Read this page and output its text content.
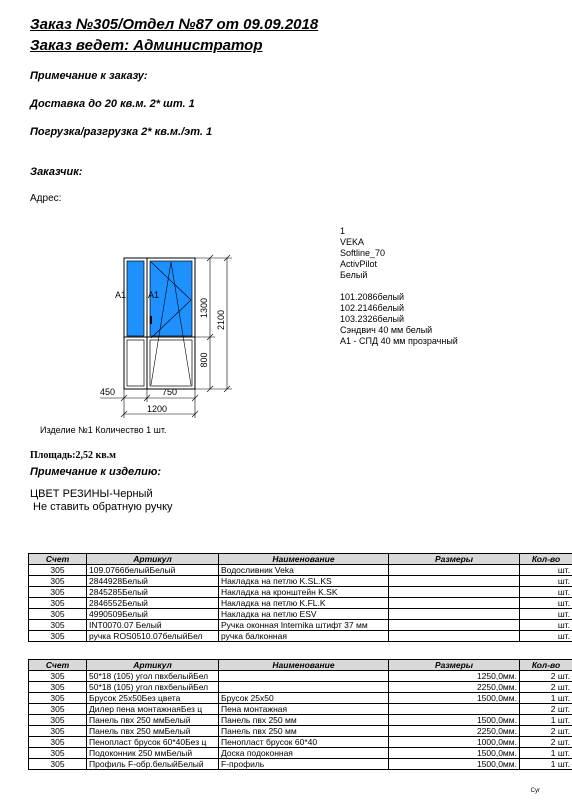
Заказ №305/Отдел №87 от 09.09.2018
Заказ ведет: Администратор
Примечание к заказу:
Доставка до 20 кв.м. 2* шт. 1
Погрузка/разгрузка 2* кв.м./эт. 1
Заказчик:
Адрес:
1
VEKA
Softline_70
ActivPilot
Белый
101.2086белый
102.2146белый
103.2326белый
Сэндвич 40 мм белый
A1 - СПД 40 мм прозрачный
A1 A1
1300
800
2100
450	750
1200
Изделие №1 Количество 1 шт.
Площадь:2,52 кв.м
Примечание к изделию:
ЦВЕТ РЕЗИНЫ-Черный
Не ставить обратную ручку
Счет	Артикул	Наименование	Размеры	Кол-во
305	109.0766белыйБелый	Водосливник Veka		шт.
305	2844928Белый	Накладка на петлю K.SL.KS		шт.
305	2845285Белый	Накладка на кронштейн K.SK		шт.
305	2846552Белый	Накладка на петлю K.FL.K		шт.
305	4990509Белый	Накладка на петлю ESV		шт.
305	INT0070.07 Белый	Ручка оконная Internika штифт 37 мм		шт.
305	ручка ROS0510.07белыйБел	ручка балконная		шт.
Счет	Артикул	Наименование	Размеры	Кол-во
305	50*18 (105) угол пвхбелыйБел		1250,0мм.	2 шт.
305	50*18 (105) угол пвхбелыйБел		2250,0мм.	2 шт.
305	Брусок 25x50Без цвета	Брусок 25x50	1500,0мм.	1 шт.
305	Дилер пена монтажнаяБез ц	Пена монтажная		2 шт.
305	Панель пвх 250 ммБелый	Панель пвх 250 мм	1500,0мм.	1 шт.
305	Панель пвх 250 ммБелый	Панель пвх 250 мм	2250,0мм.	2 шт.
305	Пенопласт брусок 60*40Без ц	Пенопласт брусок 60*40	1000,0мм.	2 шт.
305	Подоконник 250 ммБелый	Доска подоконная	1500,0мм.	1 шт.
305	Профиль F-обр.белыйБелый	F-профиль	1500,0мм.	1 шт.
Сyr
